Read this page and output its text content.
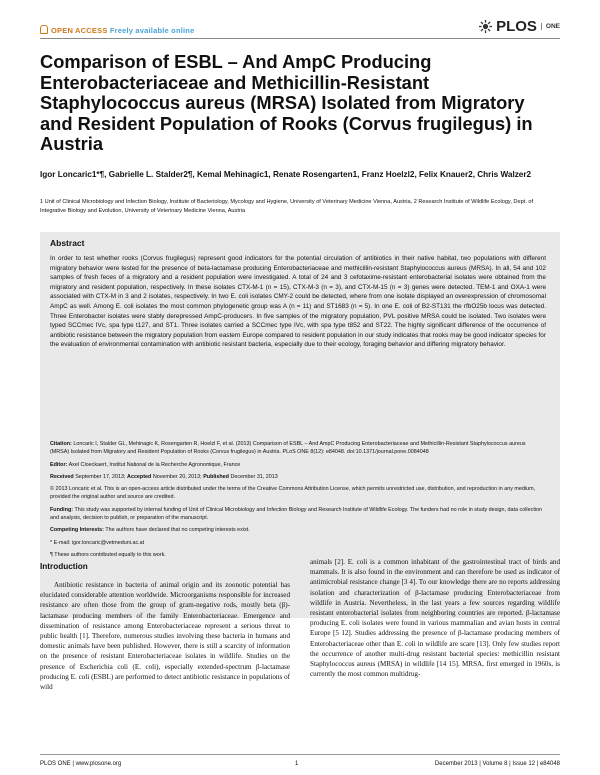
OPEN ACCESS Freely available online	PLOS	ONE
Comparison of ESBL – And AmpC Producing Enterobacteriaceae and Methicillin-Resistant Staphylococcus aureus (MRSA) Isolated from Migratory and Resident Population of Rooks (Corvus frugilegus) in Austria
Igor Loncaric1*¶, Gabrielle L. Stalder2¶, Kemal Mehinagic1, Renate Rosengarten1, Franz Hoelzl2, Felix Knauer2, Chris Walzer2
1 Unit of Clinical Microbiology and Infection Biology, Institute of Bacteriology, Mycology and Hygiene, University of Veterinary Medicine Vienna, Austria, 2 Research Institute of Wildlife Ecology, Dept. of Integrative Biology and Evolution, University of Veterinary Medicine Vienna, Austria
Abstract
In order to test whether rooks (Corvus frugilegus) represent good indicators for the potential circulation of antibiotics in their native habitat, two populations with different migratory behavior were tested for the presence of beta-lactamase producing Enterobacteriaceae and methicillin-resistant Staphylococcus aureus (MRSA). In all, 54 and 102 samples of fresh feces of a migratory and a resident population were investigated. A total of 24 and 3 cefotaxime-resistant enterobacterial isolates were obtained from the migratory and resident population, respectively. In these isolates CTX-M-1 (n = 15), CTX-M-3 (n = 3), and CTX-M-15 (n = 3) genes were detected. TEM-1 and OXA-1 were associated with CTX-M in 3 and 2 isolates, respectively. In two E. coli isolates CMY-2 could be detected, where from one isolate displayed an overexpression of chromosomal AmpC as well. Among E. coli isolates the most common phylogenetic group was A (n = 11) and ST1683 (n = 5). In one E. coli of B2-ST131 the rfbO25b locus was detected. Three Enterobacter isolates were stably derepressed AmpC-producers. In five samples of the migratory population, PVL positive MRSA could be isolated. Two isolates were typed SCCmec IVc, spa type t127, and ST1. Three isolates carried a SCCmec type IVc, with spa type t852 and ST22. The highly significant difference of the occurrence of antibiotic resistance between the migratory population from eastern Europe compared to resident population in our study indicates that rooks may be good indicator species for the evaluation of environmental contamination with antibiotic resistant bacteria, especially due to their ecology, foraging behavior and differing migratory behavior.
Citation: Loncaric I, Stalder GL, Mehinagic K, Rosengarten R, Hoelzl F, et al. (2013) Comparison of ESBL – And AmpC Producing Enterobacteriaceae and Methicillin-Resistant Staphylococcus aureus (MRSA) Isolated from Migratory and Resident Population of Rooks (Corvus frugilegus) in Austria. PLoS ONE 8(12): e84048. doi:10.1371/journal.pone.0084048
Editor: Axel Cloeckaert, Institut National de la Recherche Agronomique, France
Received September 17, 2013; Accepted November 20, 2013; Published December 31, 2013
© 2013 Loncaric et al. This is an open-access article distributed under the terms of the Creative Commons Attribution License, which permits unrestricted use, distribution, and reproduction in any medium, provided the original author and source are credited.
Funding: This study was supported by internal funding of Unit of Clinical Microbiology and Infection Biology and Research Institute of Wildlife Ecology. The funders had no role in study design, data collection and analysis, decision to publish, or preparation of the manuscript.
Competing Interests: The authors have declared that no competing interests exist.
* E-mail: igor.loncaric@vetmeduni.ac.at
¶ These authors contributed equally to this work.
Introduction
Antibiotic resistance in bacteria of animal origin and its zoonotic potential has elucidated considerable attention worldwide. Microorganisms responsible for increased resistance are often those from the group of gram-negative rods, mostly beta (β)-lactamase producing members of the family Enterobacteriaceae. Emergence and dissemination of resistance among Enterobacteriaceae represent a serious threat to public health [1]. Therefore, numerous studies involving these bacteria in humans and domestic animals have been published. However, there is still a scarcity of information on the presence of resistant Enterobacteriaceae isolates in wildlife. Studies on the presence of Escherichia coli (E. coli), especially extended-spectrum β-lactamase producing E. coli (ESBL) are performed to detect antibiotic resistance in populations of wild
animals [2]. E. coli is a common inhabitant of the gastrointestinal tract of birds and mammals. It is also found in the environment and can therefore be used as indicator of antimicrobial resistance change [3 4]. To our knowledge there are no reports addressing isolation and characterization of β-lactamase producing Enterobacteriaceae from wildlife in Austria. Nevertheless, in the last years a few sources regarding wildlife resistant enterobacterial isolates from neighboring countries are reported. β-lactamase producing E. coli isolates were found in various mammalian and avian hosts in central Europe [5 12]. Studies addressing the presence of β-lactamase producing members of Enterobacteriaceae other than E. coli in wildlife are scare [13]. Only few studies report the occurrence of another multi-drug resistant bacterial species: methicillin resistant Staphylococcus aureus (MRSA) in wildlife [14 15]. MRSA, first emerged in 1960s, is currently the most common multidrug-
PLOS ONE | www.plosone.org	1	December 2013 | Volume 8 | Issue 12 | e84048
